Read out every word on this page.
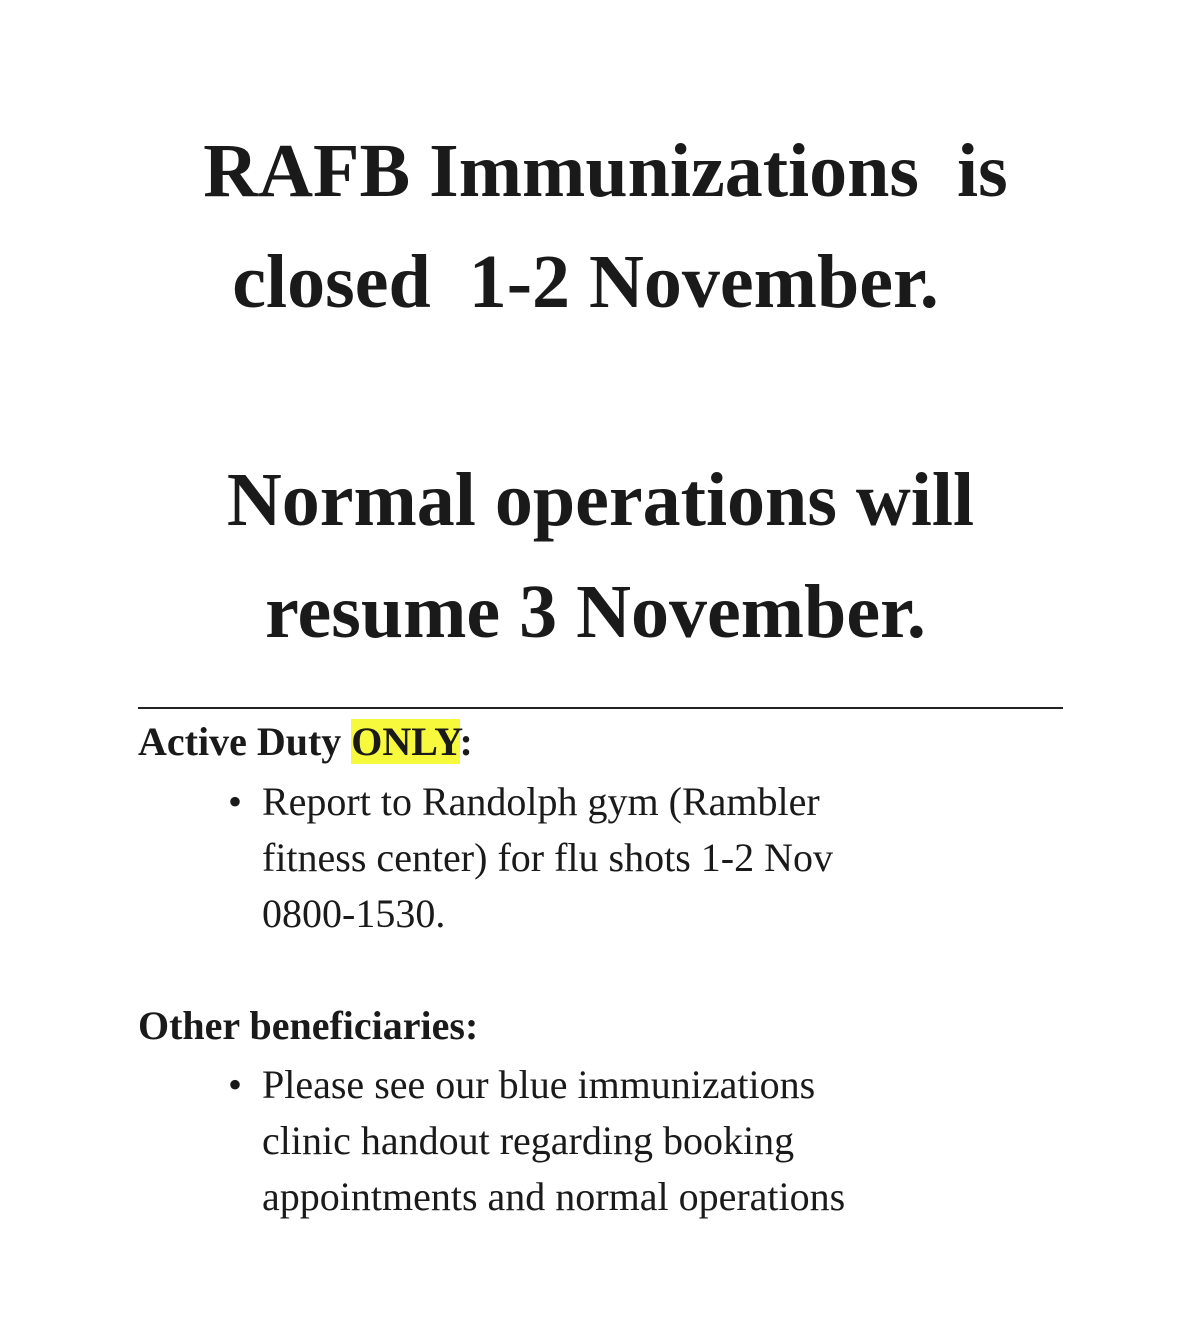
RAFB Immunizations  is
closed  1-2 November.
Normal operations will
resume 3 November.
Active Duty ONLY:
• Report to Randolph gym (Rambler
fitness center) for flu shots 1-2 Nov
0800-1530.
Other beneficiaries:
• Please see our blue immunizations
clinic handout regarding booking
appointments and normal operations
